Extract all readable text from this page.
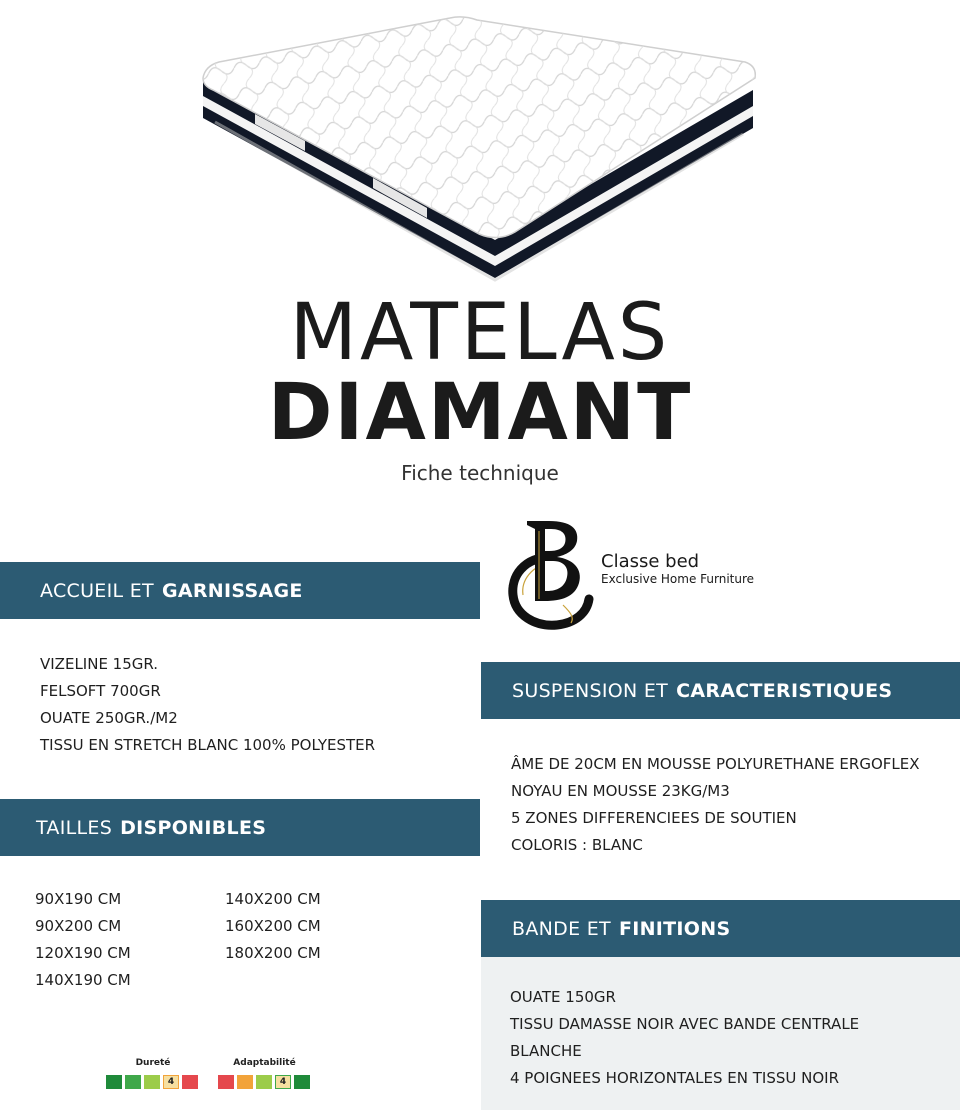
MATELAS
DIAMANT
Fiche technique
Classe bed
Exclusive Home Furniture
ACCUEIL ET GARNISSAGE
VIZELINE 15GR.
FELSOFT 700GR
OUATE 250GR./M2
TISSU EN STRETCH BLANC 100% POLYESTER
TAILLES DISPONIBLES
90X190 CM
90X200 CM
120X190 CM
140X190 CM
140X200 CM
160X200 CM
180X200 CM
SUSPENSION ET CARACTERISTIQUES
ÂME DE 20CM EN MOUSSE POLYURETHANE ERGOFLEX
NOYAU EN MOUSSE 23KG/M3
5 ZONES DIFFERENCIEES DE SOUTIEN
COLORIS : BLANC
BANDE ET FINITIONS
OUATE 150GR
TISSU DAMASSE NOIR AVEC BANDE CENTRALE
BLANCHE
4 POIGNEES HORIZONTALES EN TISSU NOIR
Dureté
4
Adaptabilité
4
